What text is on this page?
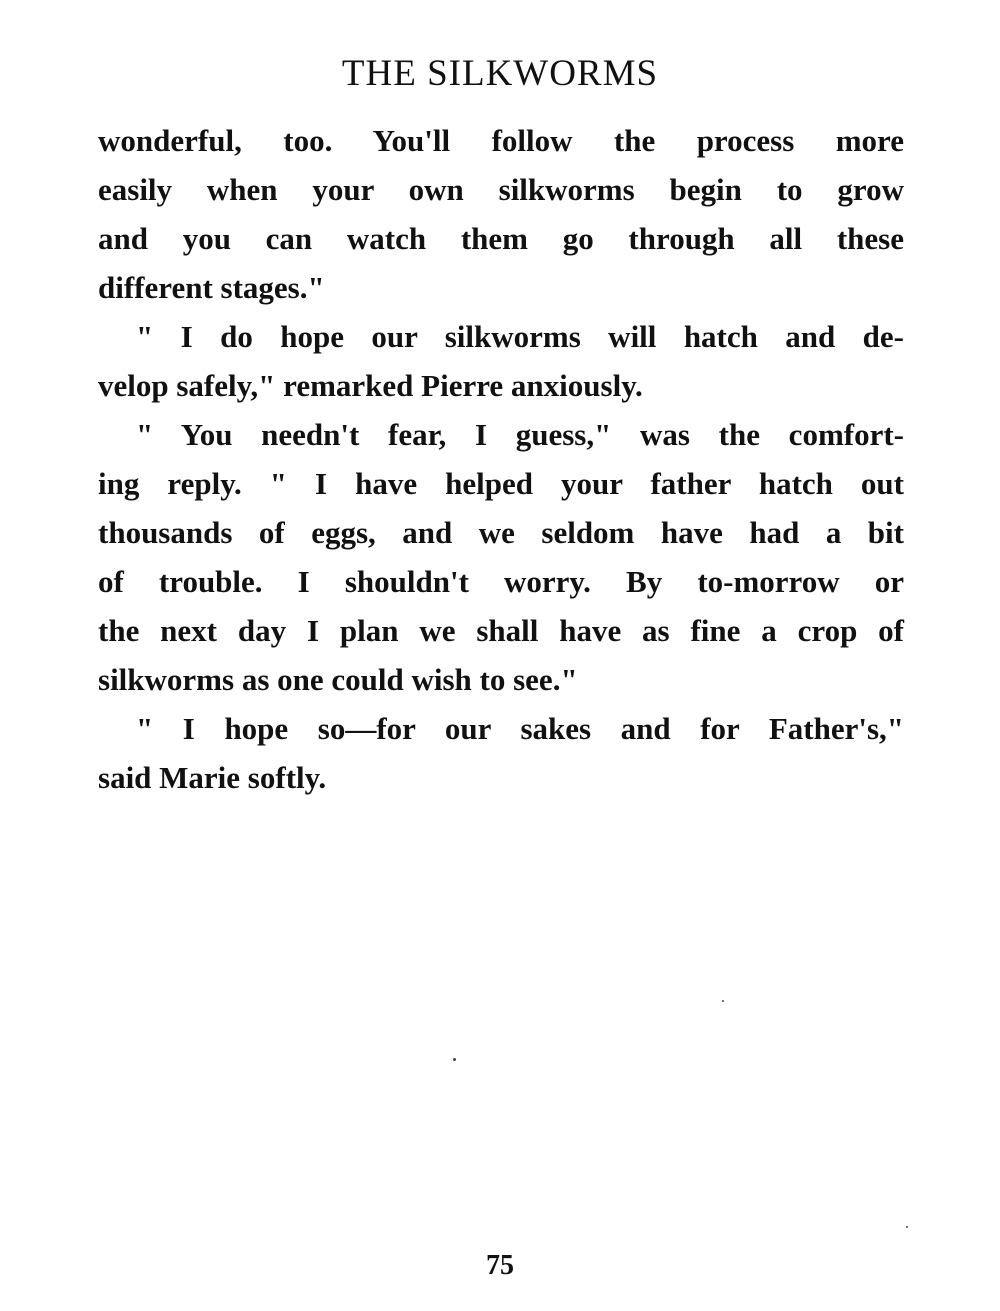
THE SILKWORMS
wonderful, too. You'll follow the process more
easily when your own silkworms begin to grow
and you can watch them go through all these
different stages."
" I do hope our silkworms will hatch and de-
velop safely," remarked Pierre anxiously.
" You needn't fear, I guess," was the comfort-
ing reply. " I have helped your father hatch out
thousands of eggs, and we seldom have had a bit
of trouble. I shouldn't worry. By to-morrow or
the next day I plan we shall have as fine a crop of
silkworms as one could wish to see."
" I hope so—for our sakes and for Father's,"
said Marie softly.
75
